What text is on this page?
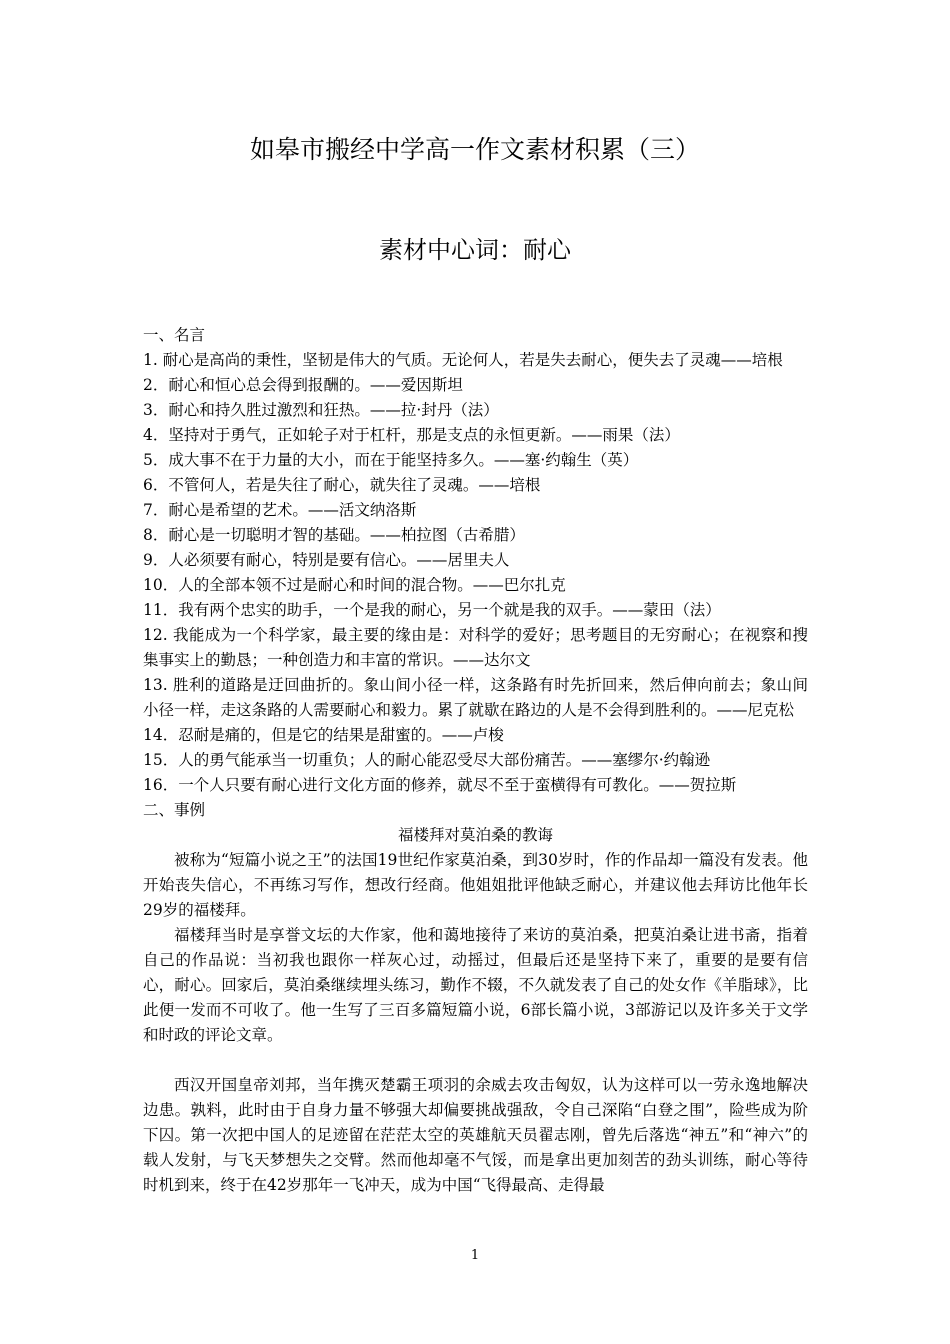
如皋市搬经中学高一作文素材积累（三）
素材中心词：耐心

一、名言

1. 耐心是高尚的秉性，坚韧是伟大的气质。无论何人，若是失去耐心，便失去了灵魂——培根

2．耐心和恒心总会得到报酬的。——爱因斯坦

3．耐心和持久胜过激烈和狂热。——拉·封丹（法）

4．坚持对于勇气，正如轮子对于杠杆，那是支点的永恒更新。——雨果（法）

5．成大事不在于力量的大小，而在于能坚持多久。——塞·约翰生（英）

6．不管何人，若是失往了耐心，就失往了灵魂。——培根

7．耐心是希望的艺术。——活文纳洛斯

8．耐心是一切聪明才智的基础。——柏拉图（古希腊）

9．人必须要有耐心，特别是要有信心。——居里夫人

10．人的全部本领不过是耐心和时间的混合物。——巴尔扎克

11．我有两个忠实的助手，一个是我的耐心，另一个就是我的双手。——蒙田（法）

12. 我能成为一个科学家，最主要的缘由是：对科学的爱好；思考题目的无穷耐心；在视察和搜集事实上的勤恳；一种创造力和丰富的常识。——达尔文

13. 胜利的道路是迂回曲折的。象山间小径一样，这条路有时先折回来，然后伸向前去；象山间小径一样，走这条路的人需要耐心和毅力。累了就歇在路边的人是不会得到胜利的。——尼克松

14．忍耐是痛的，但是它的结果是甜蜜的。——卢梭

15．人的勇气能承当一切重负；人的耐心能忍受尽大部份痛苦。——塞缪尔·约翰逊

16．一个人只要有耐心进行文化方面的修养，就尽不至于蛮横得有可教化。——贺拉斯

二、事例

福楼拜对莫泊桑的教诲

被称为“短篇小说之王”的法国19世纪作家莫泊桑，到30岁时，作的作品却一篇没有发表。他开始丧失信心，不再练习写作，想改行经商。他姐姐批评他缺乏耐心，并建议他去拜访比他年长29岁的福楼拜。

福楼拜当时是享誉文坛的大作家，他和蔼地接待了来访的莫泊桑，把莫泊桑让进书斋，指着自己的作品说：当初我也跟你一样灰心过，动摇过，但最后还是坚持下来了，重要的是要有信心，耐心。回家后，莫泊桑继续埋头练习，勤作不辍，不久就发表了自己的处女作《羊脂球》，比此便一发而不可收了。他一生写了三百多篇短篇小说，6部长篇小说，3部游记以及许多关于文学和时政的评论文章。

西汉开国皇帝刘邦，当年携灭楚霸王项羽的余威去攻击匈奴，认为这样可以一劳永逸地解决边患。孰料，此时由于自身力量不够强大却偏要挑战强敌，令自己深陷“白登之围”，险些成为阶下囚。第一次把中国人的足迹留在茫茫太空的英雄航天员翟志刚，曾先后落选“神五”和“神六”的载人发射，与飞天梦想失之交臂。然而他却毫不气馁，而是拿出更加刻苦的劲头训练，耐心等待时机到来，终于在42岁那年一飞冲天，成为中国“飞得最高、走得最

1
